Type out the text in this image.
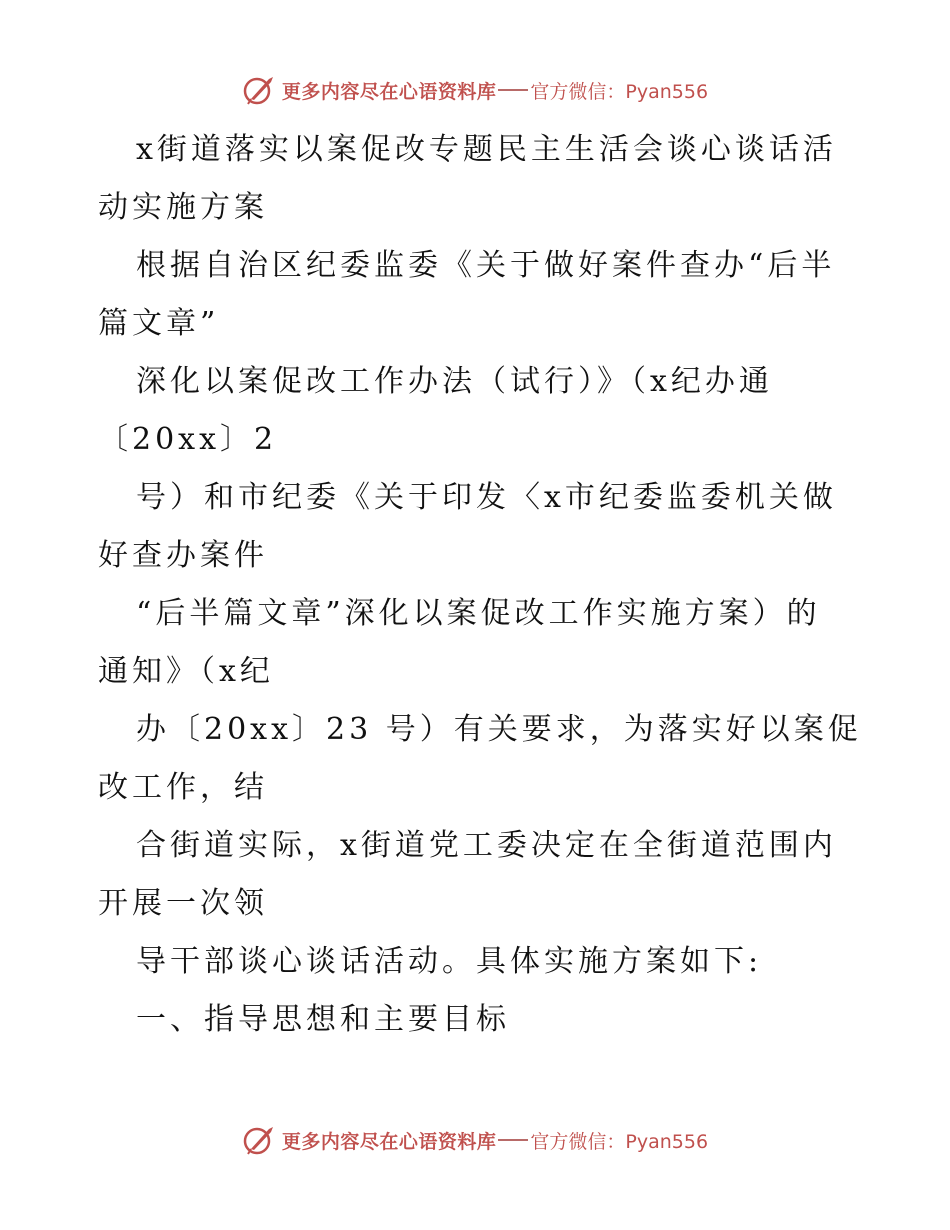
更多内容尽在心语资料库 官方微信：Pyan556
x街道落实以案促改专题民主生活会谈心谈话活
动实施方案
根据自治区纪委监委《关于做好案件查办“后半
篇文章”
深化以案促改工作办法（试行）》（x纪办通
〔20xx〕2
号）和市纪委《关于印发〈x市纪委监委机关做
好查办案件
“后半篇文章”深化以案促改工作实施方案）的
通知》（x纪
办〔20xx〕23 号）有关要求，为落实好以案促
改工作，结
合街道实际，x街道党工委决定在全街道范围内
开展一次领
导干部谈心谈话活动。具体实施方案如下:
一、指导思想和主要目标
更多内容尽在心语资料库 官方微信：Pyan556
